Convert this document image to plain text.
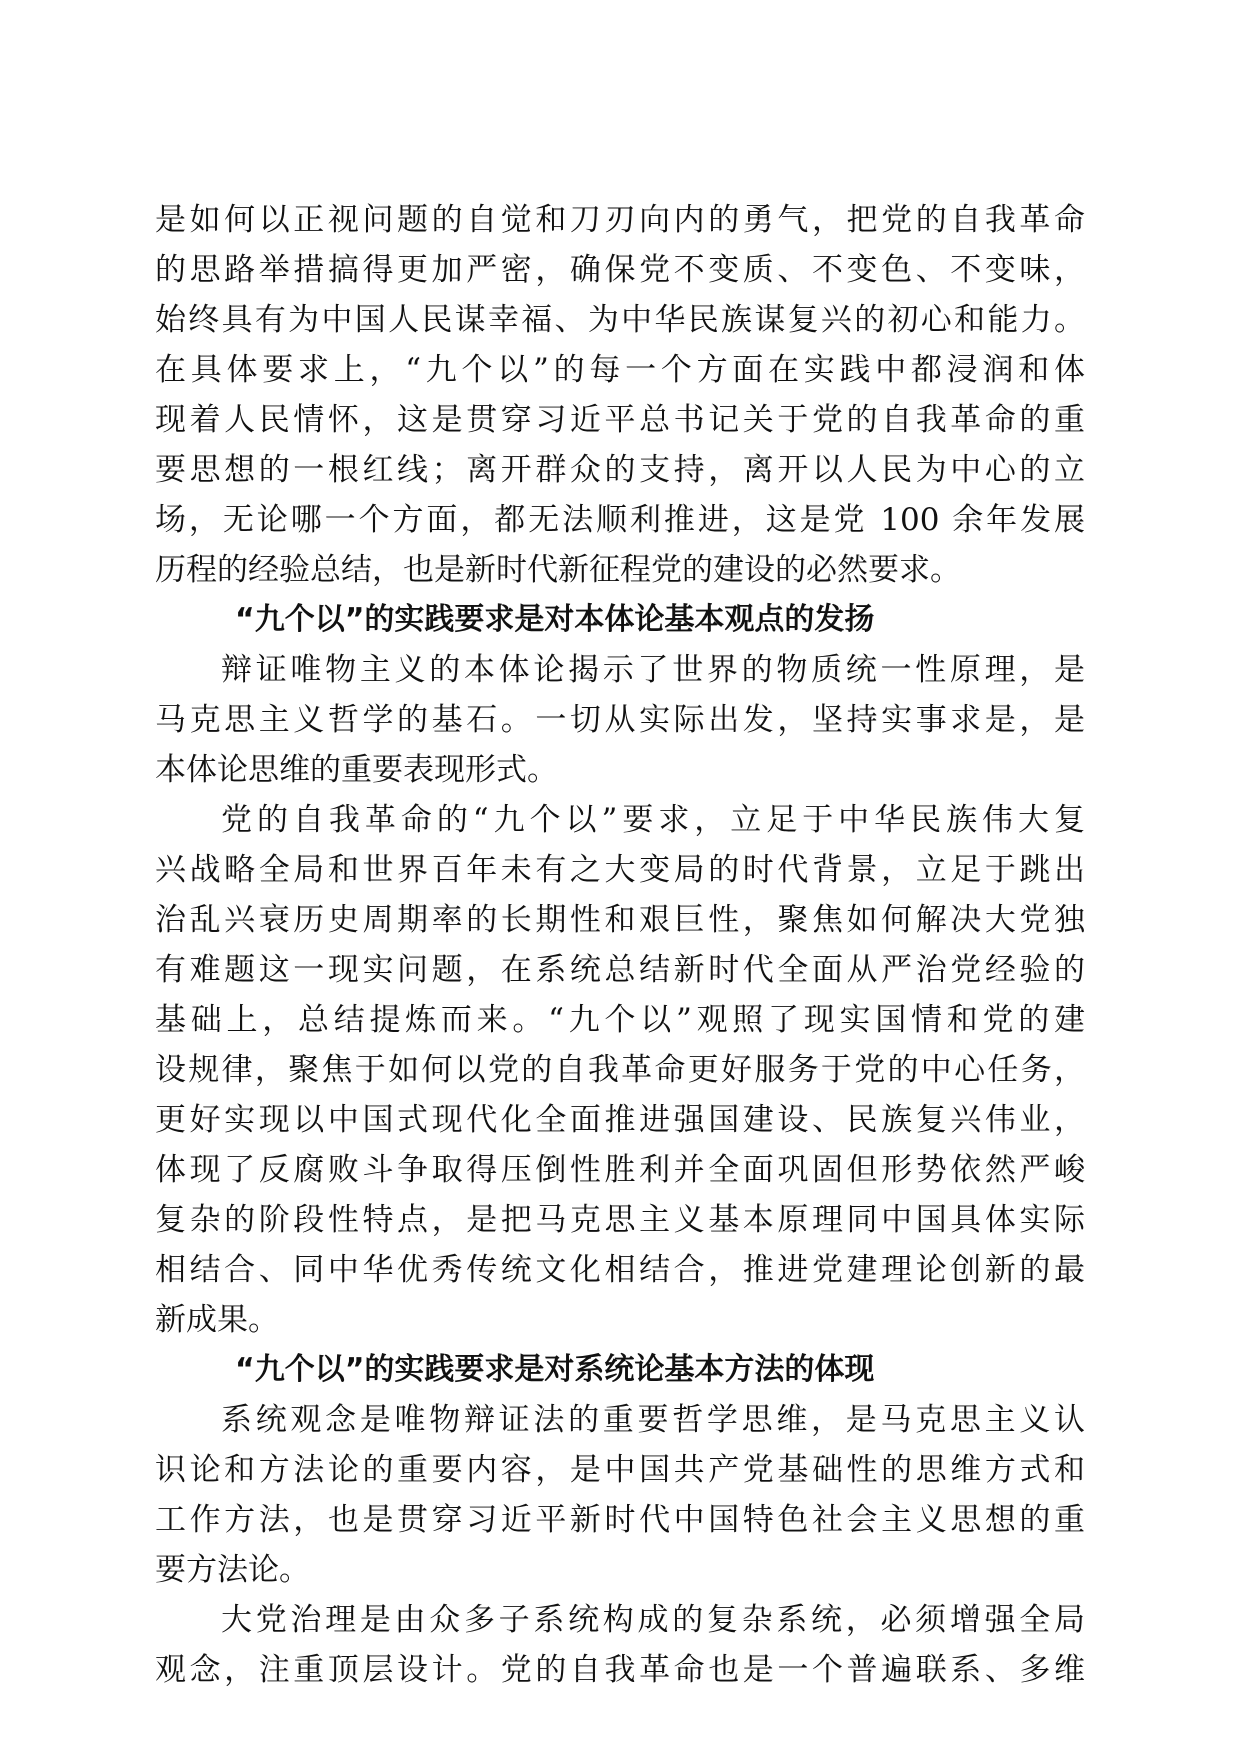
是如何以正视问题的自觉和刀刃向内的勇气，把党的自我革命
的思路举措搞得更加严密，确保党不变质、不变色、不变味，
始终具有为中国人民谋幸福、为中华民族谋复兴的初心和能力。
在具体要求上，“九个以”的每一个方面在实践中都浸润和体
现着人民情怀，这是贯穿习近平总书记关于党的自我革命的重
要思想的一根红线；离开群众的支持，离开以人民为中心的立
场，无论哪一个方面，都无法顺利推进，这是党 100 余年发展
历程的经验总结，也是新时代新征程党的建设的必然要求。
“九个以”的实践要求是对本体论基本观点的发扬
辩证唯物主义的本体论揭示了世界的物质统一性原理，是
马克思主义哲学的基石。一切从实际出发，坚持实事求是，是
本体论思维的重要表现形式。
党的自我革命的“九个以”要求，立足于中华民族伟大复
兴战略全局和世界百年未有之大变局的时代背景，立足于跳出
治乱兴衰历史周期率的长期性和艰巨性，聚焦如何解决大党独
有难题这一现实问题，在系统总结新时代全面从严治党经验的
基础上，总结提炼而来。“九个以”观照了现实国情和党的建
设规律，聚焦于如何以党的自我革命更好服务于党的中心任务，
更好实现以中国式现代化全面推进强国建设、民族复兴伟业，
体现了反腐败斗争取得压倒性胜利并全面巩固但形势依然严峻
复杂的阶段性特点，是把马克思主义基本原理同中国具体实际
相结合、同中华优秀传统文化相结合，推进党建理论创新的最
新成果。
“九个以”的实践要求是对系统论基本方法的体现
系统观念是唯物辩证法的重要哲学思维，是马克思主义认
识论和方法论的重要内容，是中国共产党基础性的思维方式和
工作方法，也是贯穿习近平新时代中国特色社会主义思想的重
要方法论。
大党治理是由众多子系统构成的复杂系统，必须增强全局
观念，注重顶层设计。党的自我革命也是一个普遍联系、多维
